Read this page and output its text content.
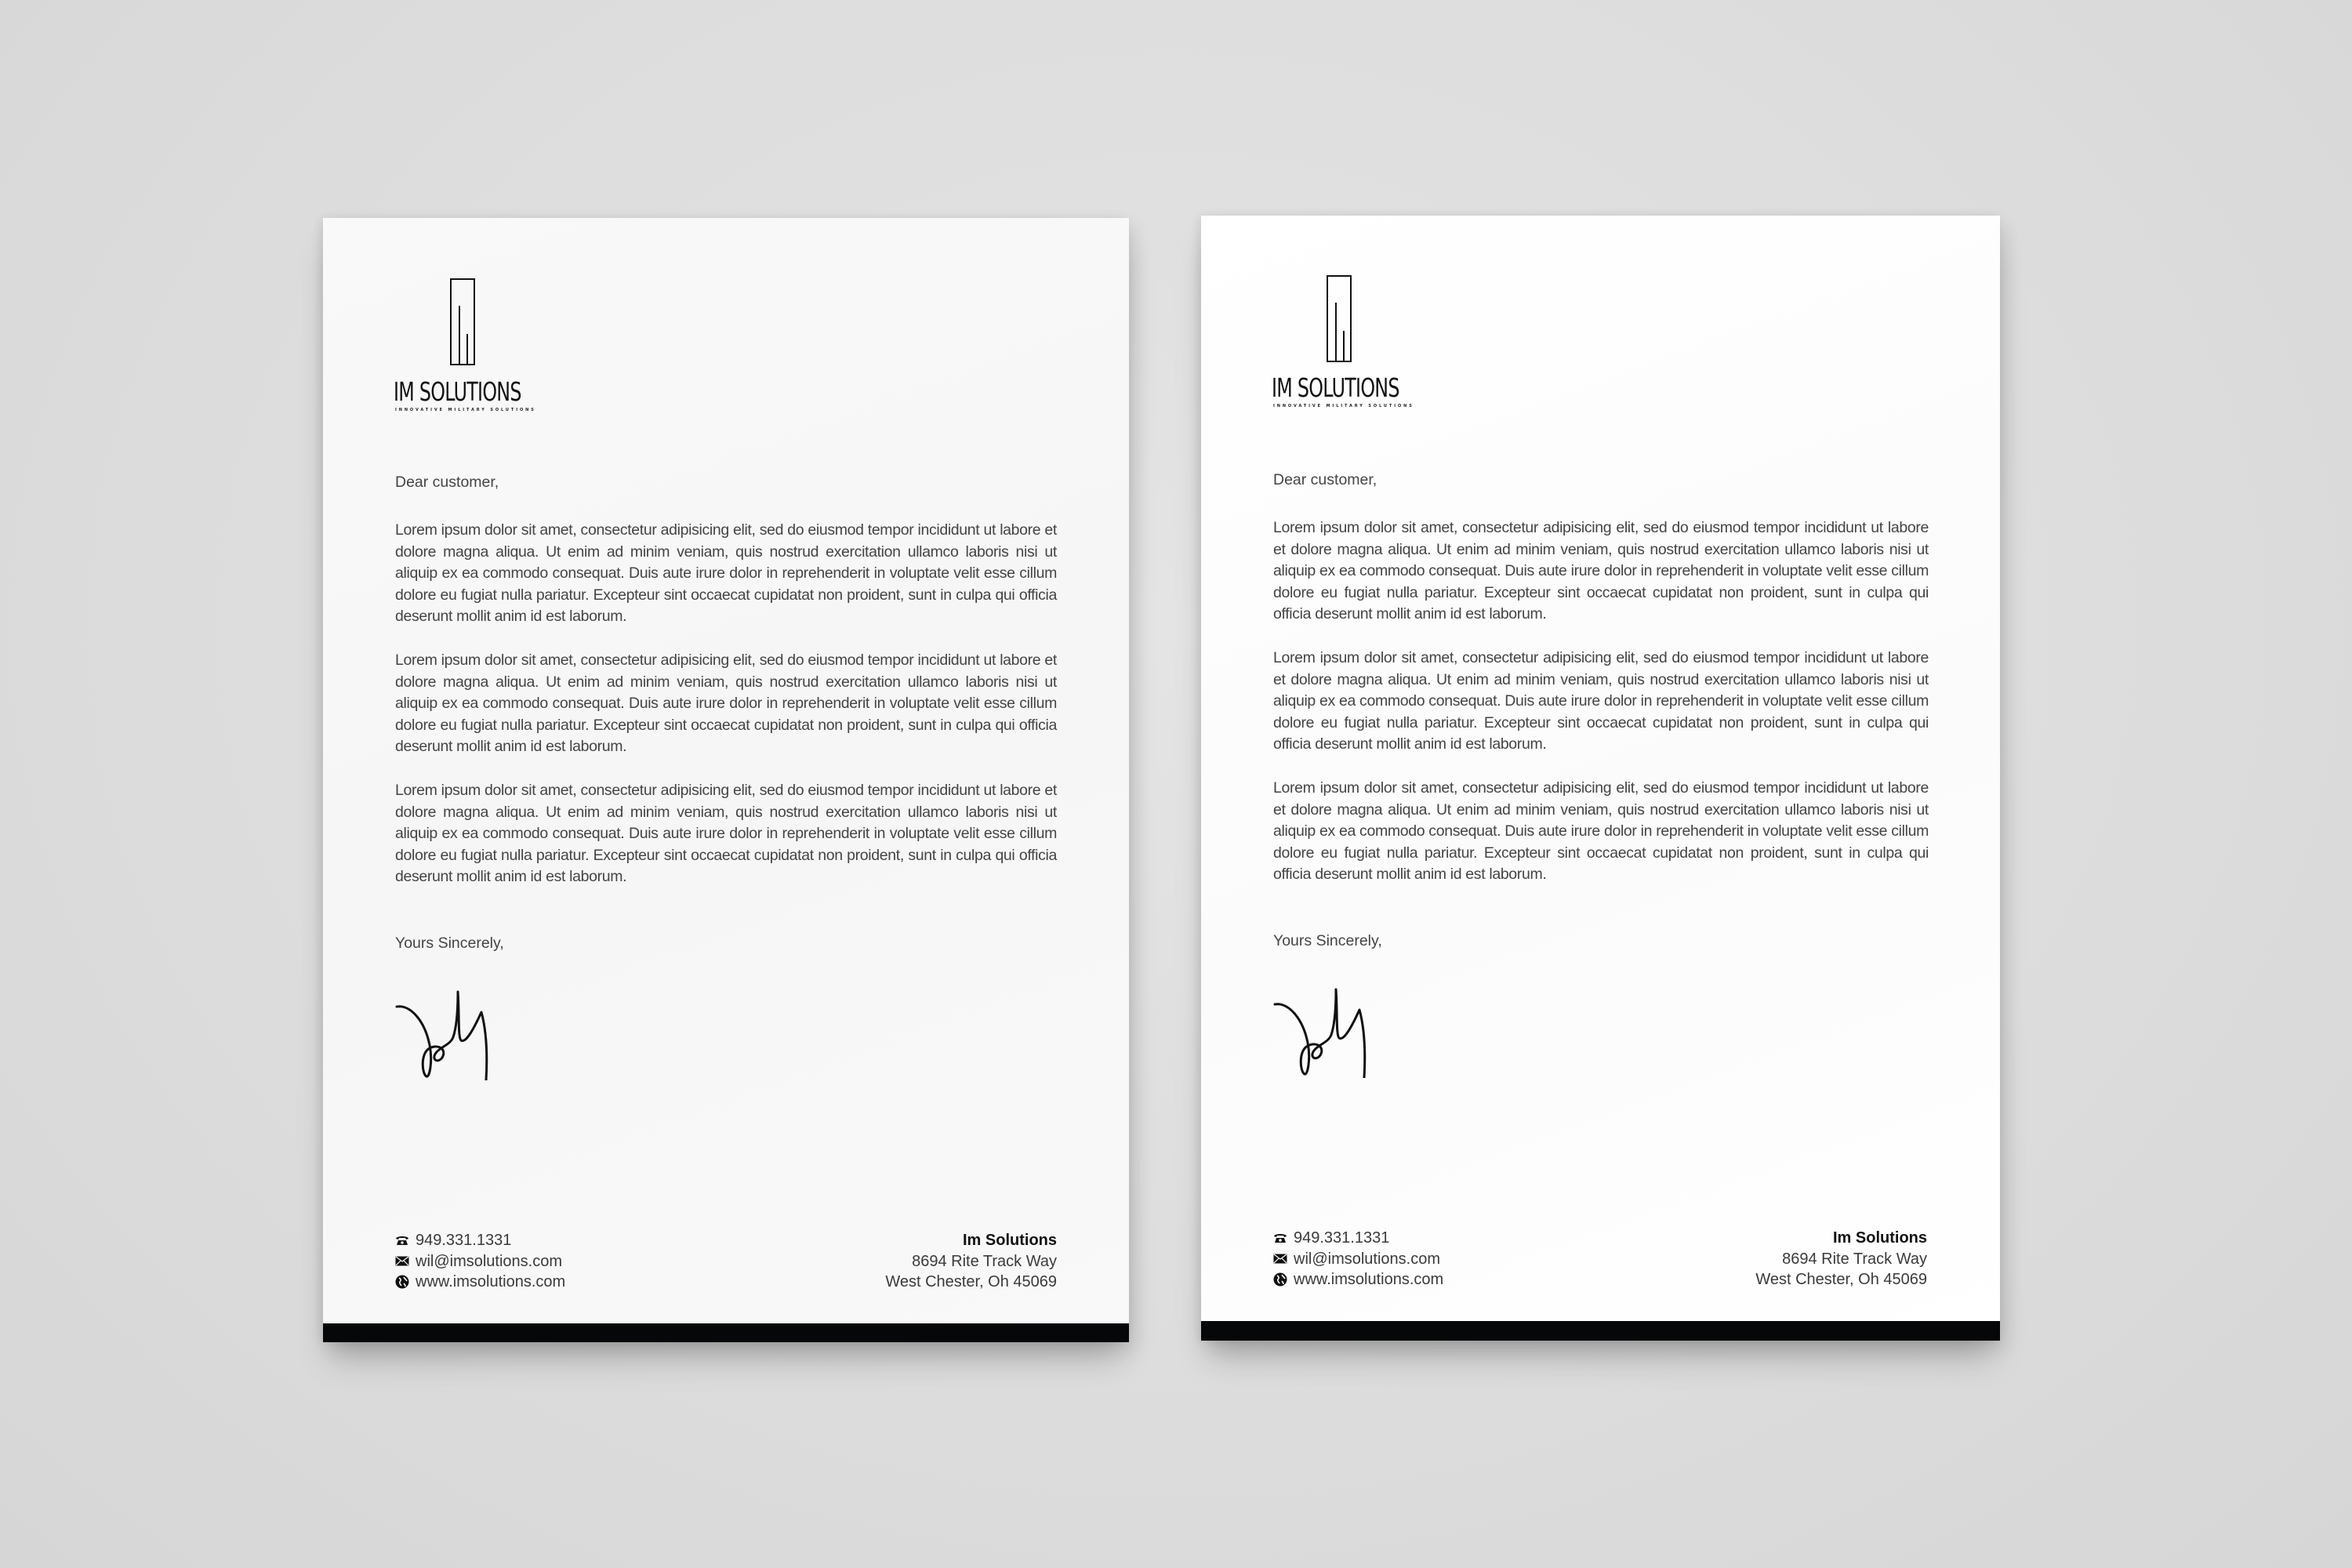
IM SOLUTIONS
INNOVATIVE MILITARY SOLUTIONS
Dear customer,
Lorem ipsum dolor sit amet, consectetur adipisicing elit, sed do eiusmod tempor incididunt ut labore et dolore magna aliqua. Ut enim ad minim veniam, quis nostrud exercitation ullamco laboris nisi ut aliquip ex ea commodo consequat. Duis aute irure dolor in reprehenderit in voluptate velit esse cillum dolore eu fugiat nulla pariatur. Excepteur sint occaecat cupidatat non proident, sunt in culpa qui officia deserunt mollit anim id est laborum.
Lorem ipsum dolor sit amet, consectetur adipisicing elit, sed do eiusmod tempor incididunt ut labore et dolore magna aliqua. Ut enim ad minim veniam, quis nostrud exercitation ullamco laboris nisi ut aliquip ex ea commodo consequat. Duis aute irure dolor in reprehenderit in voluptate velit esse cillum dolore eu fugiat nulla pariatur. Excepteur sint occaecat cupidatat non proident, sunt in culpa qui officia deserunt mollit anim id est laborum.
Lorem ipsum dolor sit amet, consectetur adipisicing elit, sed do eiusmod tempor incididunt ut labore et dolore magna aliqua. Ut enim ad minim veniam, quis nostrud exercitation ullamco laboris nisi ut aliquip ex ea commodo consequat. Duis aute irure dolor in reprehenderit in voluptate velit esse cillum dolore eu fugiat nulla pariatur. Excepteur sint occaecat cupidatat non proident, sunt in culpa qui officia deserunt mollit anim id est laborum.
Yours Sincerely,
949.331.1331
wil@imsolutions.com
www.imsolutions.com
Im Solutions
8694 Rite Track Way
West Chester, Oh 45069
IM SOLUTIONS
INNOVATIVE MILITARY SOLUTIONS
Dear customer,
Lorem ipsum dolor sit amet, consectetur adipisicing elit, sed do eiusmod tempor incididunt ut labore et dolore magna aliqua. Ut enim ad minim veniam, quis nostrud exercitation ullamco laboris nisi ut aliquip ex ea commodo consequat. Duis aute irure dolor in reprehenderit in voluptate velit esse cillum dolore eu fugiat nulla pariatur. Excepteur sint occaecat cupidatat non proident, sunt in culpa qui officia deserunt mollit anim id est laborum.
Lorem ipsum dolor sit amet, consectetur adipisicing elit, sed do eiusmod tempor incididunt ut labore et dolore magna aliqua. Ut enim ad minim veniam, quis nostrud exercitation ullamco laboris nisi ut aliquip ex ea commodo consequat. Duis aute irure dolor in reprehenderit in voluptate velit esse cillum dolore eu fugiat nulla pariatur. Excepteur sint occaecat cupidatat non proident, sunt in culpa qui officia deserunt mollit anim id est laborum.
Lorem ipsum dolor sit amet, consectetur adipisicing elit, sed do eiusmod tempor incididunt ut labore et dolore magna aliqua. Ut enim ad minim veniam, quis nostrud exercitation ullamco laboris nisi ut aliquip ex ea commodo consequat. Duis aute irure dolor in reprehenderit in voluptate velit esse cillum dolore eu fugiat nulla pariatur. Excepteur sint occaecat cupidatat non proident, sunt in culpa qui officia deserunt mollit anim id est laborum.
Yours Sincerely,
949.331.1331
wil@imsolutions.com
www.imsolutions.com
Im Solutions
8694 Rite Track Way
West Chester, Oh 45069
